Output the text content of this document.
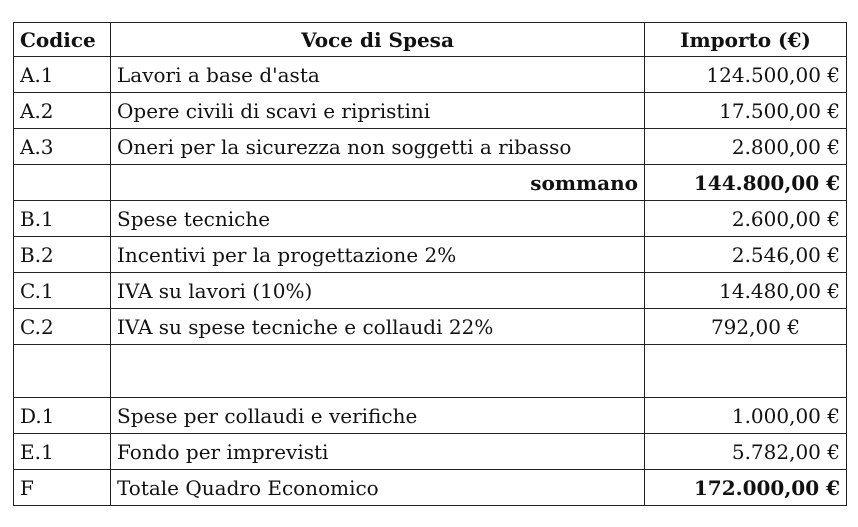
Codice	Voce di Spesa	Importo (€)
A.1	Lavori a base d'asta	124.500,00 €
A.2	Opere civili di scavi e ripristini	17.500,00 €
A.3	Oneri per la sicurezza non soggetti a ribasso	2.800,00 €
	sommano	144.800,00 €
B.1	Spese tecniche	2.600,00 €
B.2	Incentivi per la progettazione 2%	2.546,00 €
C.1	IVA su lavori (10%)	14.480,00 €
C.2	IVA su spese tecniche e collaudi 22%	792,00 €

D.1	Spese per collaudi e verifiche	1.000,00 €
E.1	Fondo per imprevisti	5.782,00 €
F	Totale Quadro Economico	172.000,00 €
